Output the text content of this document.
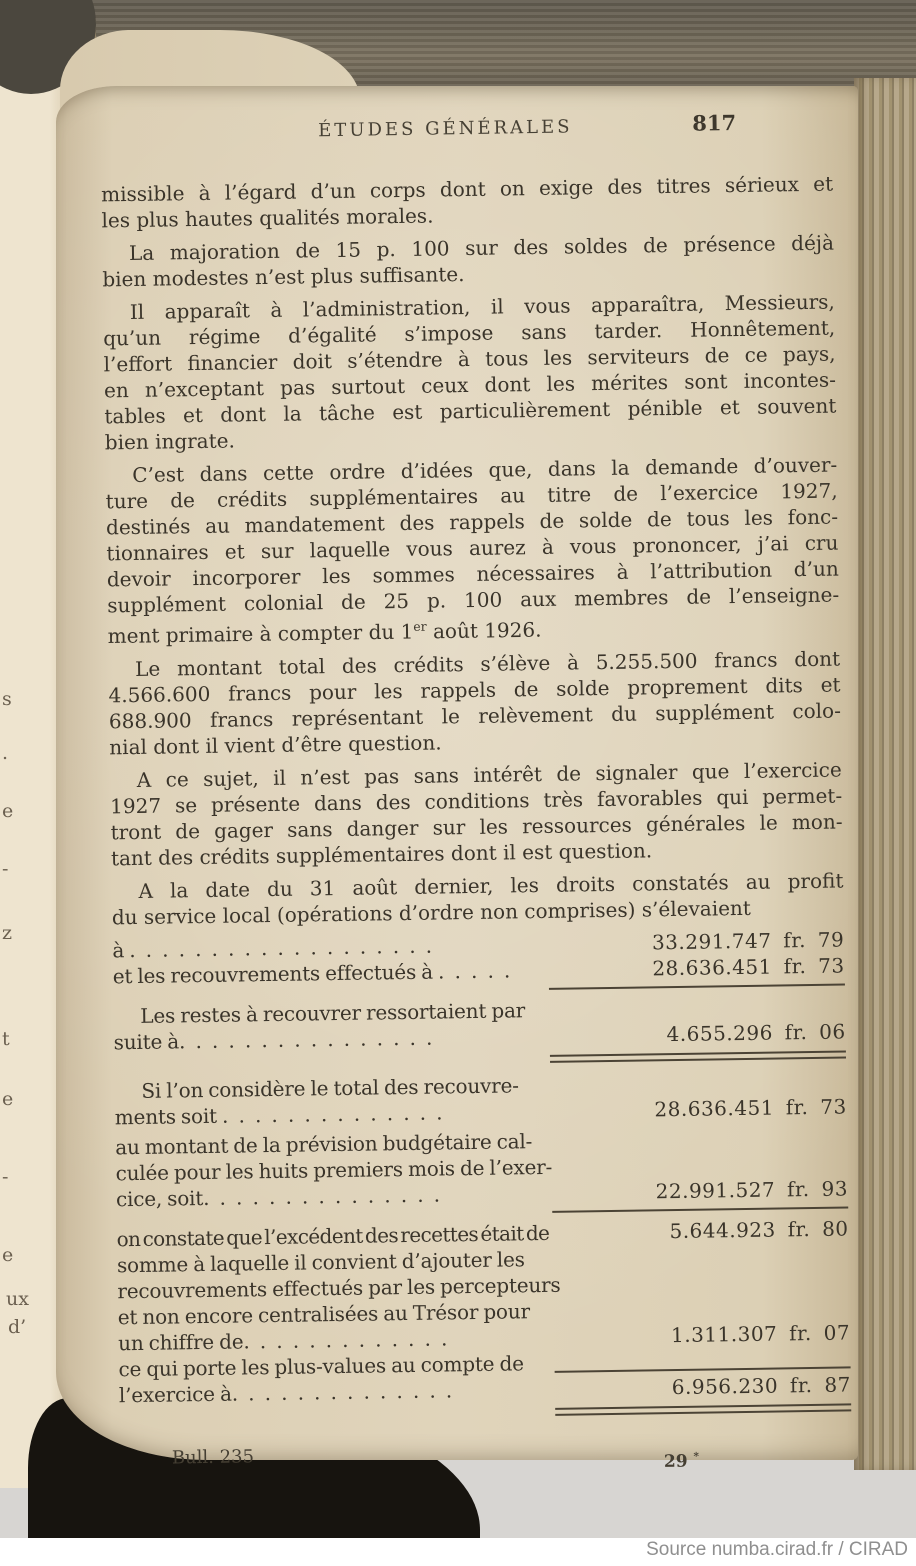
s
.
e
-
z
t
e
-
e
ux
d’
ÉTUDES GÉNÉRALES	817
missible à l’égard d’un corps dont on exige des titres sérieux et
les plus hautes qualités morales.
La majoration de 15 p. 100 sur des soldes de présence déjà
bien modestes n’est plus suffisante.
Il apparaît à l’administration, il vous apparaîtra, Messieurs,
qu’un régime d’égalité s’impose sans tarder. Honnêtement,
l’effort financier doit s’étendre à tous les serviteurs de ce pays,
en n’exceptant pas surtout ceux dont les mérites sont incontes-
tables et dont la tâche est particulièrement pénible et souvent
bien ingrate.
C’est dans cette ordre d’idées que, dans la demande d’ouver-
ture de crédits supplémentaires au titre de l’exercice 1927,
destinés au mandatement des rappels de solde de tous les fonc-
tionnaires et sur laquelle vous aurez à vous prononcer, j’ai cru
devoir incorporer les sommes nécessaires à l’attribution d’un
supplément colonial de 25 p. 100 aux membres de l’enseigne-
ment primaire à compter du 1er août 1926.
Le montant total des crédits s’élève à 5.255.500 francs dont
4.566.600 francs pour les rappels de solde proprement dits et
688.900 francs représentant le relèvement du supplément colo-
nial dont il vient d’être question.
A ce sujet, il n’est pas sans intérêt de signaler que l’exercice
1927 se présente dans des conditions très favorables qui permet-
tront de gager sans danger sur les ressources générales le mon-
tant des crédits supplémentaires dont il est question.
A la date du 31 août dernier, les droits constatés au profit
du service local (opérations d’ordre non comprises) s’élevaient
à .  .  .  .  .  .  .  .  .  .  .  .  .  .  .  .  .  .  .	33.291.747 fr. 79
et les recouvrements effectués à .  .  .  .  .	28.636.451 fr. 73
Les restes à recouvrer ressortaient par
suite à.  .  .  .  .  .  .  .  .  .  .  .  .  .  .  .	4.655.296 fr. 06
Si l’on considère le total des recouvre-
ments soit .  .  .  .  .  .  .  .  .  .  .  .  .  .	28.636.451 fr. 73
au montant de la prévision budgétaire cal-
culée pour les huits premiers mois de l’exer-
cice, soit.  .  .  .  .  .  .  .  .  .  .  .  .  .  .	22.991.527 fr. 93
on constate que l’excédent des recettes était de	5.644.923 fr. 80
somme à laquelle il convient d’ajouter les
recouvrements effectués par les percepteurs
et non encore centralisées au Trésor pour
un chiffre de.  .  .  .  .  .  .  .  .  .  .  .  .	1.311.307 fr. 07
ce qui porte les plus-values au compte de
l’exercice à.  .  .  .  .  .  .  .  .  .  .  .  .  .	6.956.230 fr. 87
Bull. 235	29 *
Source numba.cirad.fr / CIRAD
